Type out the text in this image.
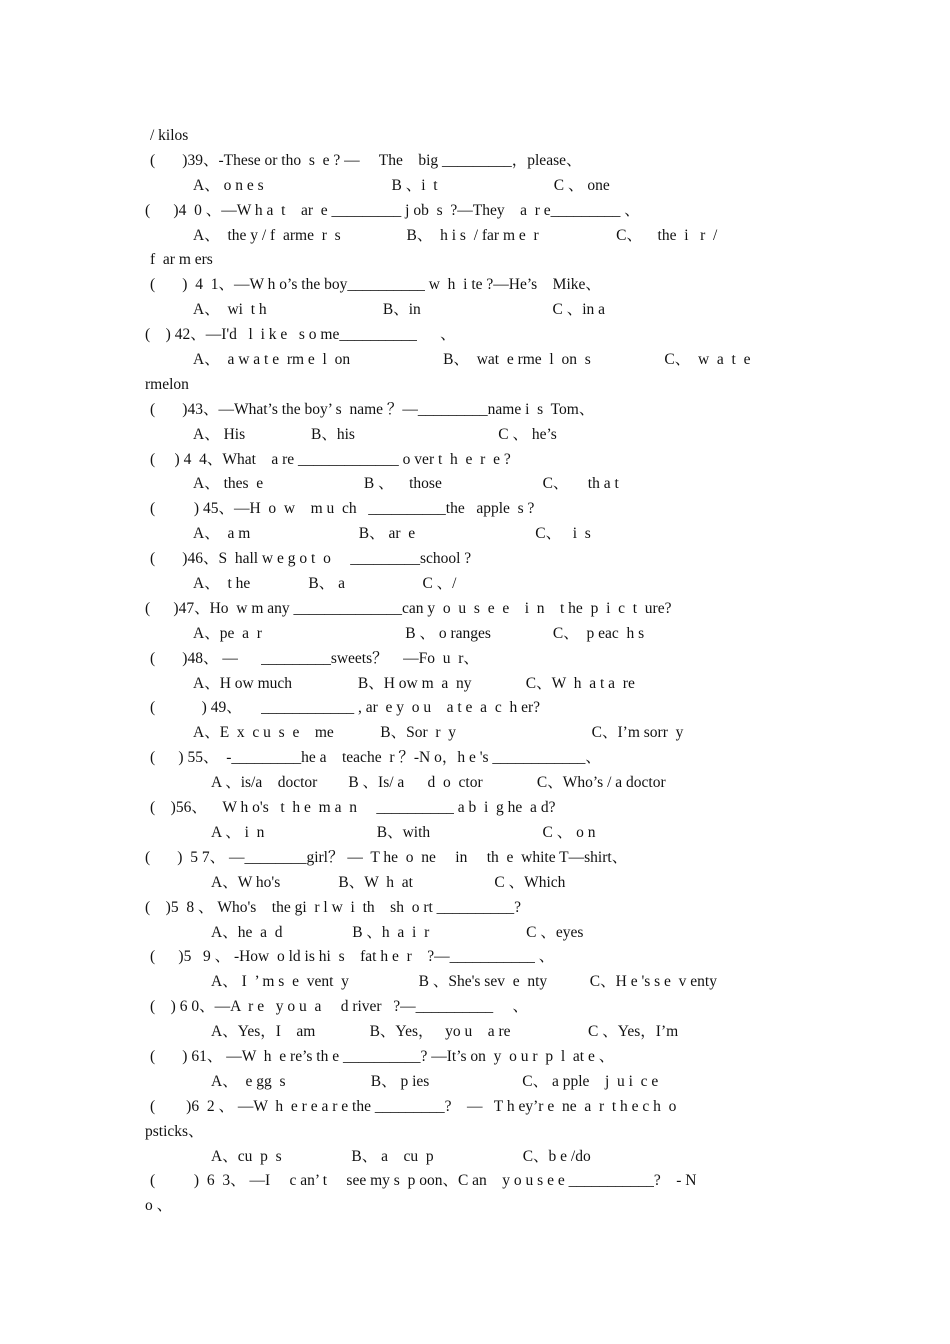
/ kilos
(       )39、-These or tho  s  e ? —     The    big _________，please、
A、 o n e s                                 B 、i  t                              C 、 one
(      )4  0 、—W h a  t    ar  e _________ j ob  s  ?—They    a  r e_________ 、
A、  the y / f  arme  r  s                 B、  h i s  / far m e  r                    C、    the  i   r  /
f  ar m ers
(       )  4  1、—W h o’s the boy__________ w  h  i te ?—He’s    Mike、
A、  wi  t h                              B、in                                  C 、in a
(    ) 42、—I'd   l  i k e   s o me__________      、
A、  a w a t e  rm e  l  on                        B、  wat  e rme  l  on  s                   C、  w  a  t  e
rmelon
(       )43、—What’s the boy’ s  name ？—_________name i  s  Tom、
A、 His                 B、his                                     C 、 he’s
(     ) 4  4、What    a re _____________ o ver t  h  e  r  e ?
A、 thes  e                          B 、    those                          C、     th a t
(          ) 45、—H  o  w    m u  ch   __________the   apple  s ?
A、  a m                            B、 ar  e                               C、   i  s
(       )46、S  hall w e g o t  o     _________school ?
A、  t he               B、 a                    C 、/
(      )47、Ho  w m any ______________can y  o  u  s  e  e    i  n    t he  p  i  c  t  ure?
A、pe  a  r                                     B 、 o ranges                C、  p eac  h s
(       )48、 —      _________sweets？    —Fo  u  r、
A、H ow much                 B、H ow m  a  ny              C、W  h  a t a  re
(            ) 49、     ____________ , ar  e y  o u    a t e  a  c  h er?
A、E  x  c u  s  e    me            B、Sor  r  y                                   C、I’m sorr  y
(      ) 55、  -_________he a    teache  r ？-N o，h e 's ____________、
A 、is/a    doctor        B 、Is/ a      d  o  ctor              C、Who’s / a doctor
(    )56、    W h o's   t  h e  m a  n     __________ a b  i  g he  a d?
A 、 i  n                             B、with                             C 、 o n
(       )  5 7、 —________girl？ —  T he  o  ne     in     th  e  white T—shirt、
A、W ho's               B、W  h  at                     C 、Which
(    )5  8 、 Who's    the gi  r l w  i  th    sh  o rt __________?
A、he  a  d                  B 、h  a  i  r                         C 、eyes
(      )5   9 、 -How  o ld is hi  s    fat h e  r    ?—___________ 、
A、 I  ’ m s  e  vent  y                  B 、She's sev  e  nty           C、H e 's s e  v enty
(    ) 6 0、—A  r e   y o u  a     d river   ?—__________     、
A、Yes，I    am              B、Yes，   yo u    a re                    C 、Yes，I’m
(       ) 61、 —W  h  e re’s th e __________? —It’s on  y  o u r  p  l  at e 、
A、  e gg  s                      B、 p ies                        C、 a pple    j  u i  c e
(        )6  2 、 —W  h  e r e a r e the _________?    —   T h ey’r e  ne  a  r  t h e c h  o
psticks、
A、cu  p  s                  B、 a    cu  p                       C、b e /do
(          )  6  3、 —I     c an’ t     see my s  p oon、C an    y o u s e e ___________?    - N
o 、
